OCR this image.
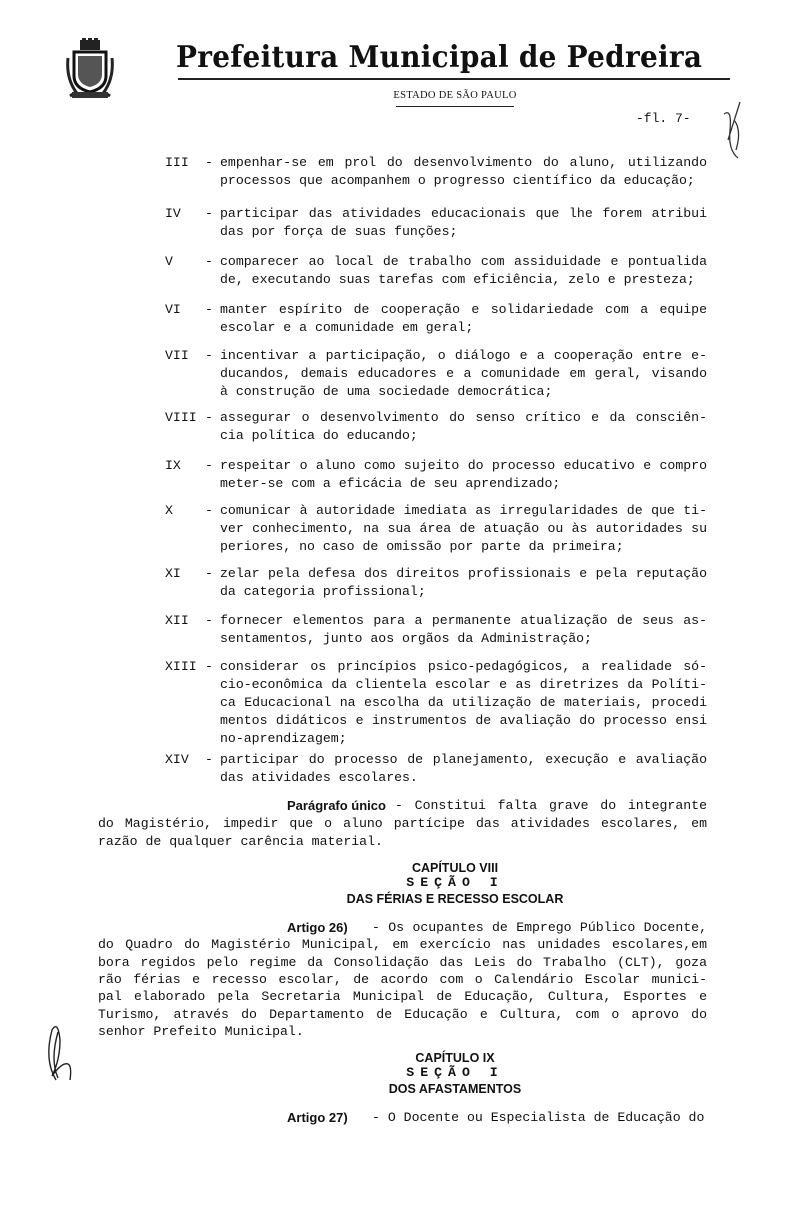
Prefeitura Municipal de Pedreira
ESTADO DE SÃO PAULO
-fl. 7-
III - empenhar-se em prol do desenvolvimento do aluno, utilizando
processos que acompanhem o progresso científico da educação;
IV - participar das atividades educacionais que lhe forem atribui
das por força de suas funções;
V - comparecer ao local de trabalho com assiduidade e pontualida
de, executando suas tarefas com eficiência, zelo e presteza;
VI - manter espírito de cooperação e solidariedade com a equipe
escolar e a comunidade em geral;
VII - incentivar a participação, o diálogo e a cooperação entre e-
ducandos, demais educadores e a comunidade em geral, visando
à construção de uma sociedade democrática;
VIII - assegurar o desenvolvimento do senso crítico e da consciên-
cia política do educando;
IX - respeitar o aluno como sujeito do processo educativo e compro
meter-se com a eficácia de seu aprendizado;
X - comunicar à autoridade imediata as irregularidades de que ti-
ver conhecimento, na sua área de atuação ou às autoridades su
periores, no caso de omissão por parte da primeira;
XI - zelar pela defesa dos direitos profissionais e pela reputação
da categoria profissional;
XII - fornecer elementos para a permanente atualização de seus as-
sentamentos, junto aos orgãos da Administração;
XIII - considerar os princípios psico-pedagógicos, a realidade só-
cio-econômica da clientela escolar e as diretrizes da Políti-
ca Educacional na escolha da utilização de materiais, procedi
mentos didáticos e instrumentos de avaliação do processo ensi
no-aprendizagem;
XIV - participar do processo de planejamento, execução e avaliação
das atividades escolares.
Parágrafo único - Constitui falta grave do integrante
do Magistério, impedir que o aluno partícipe das atividades escolares, em
razão de qualquer carência material.
CAPÍTULO VIII
SEÇÃO I
DAS FÉRIAS E RECESSO ESCOLAR
Artigo 26) - Os ocupantes de Emprego Público Docente,
do Quadro do Magistério Municipal, em exercício nas unidades escolares,em
bora regidos pelo regime da Consolidação das Leis do Trabalho (CLT), goza
rão férias e recesso escolar, de acordo com o Calendário Escolar munici-
pal elaborado pela Secretaria Municipal de Educação, Cultura, Esportes e
Turismo, através do Departamento de Educação e Cultura, com o aprovo do
senhor Prefeito Municipal.
CAPÍTULO IX
SEÇÃO I
DOS AFASTAMENTOS
Artigo 27) - O Docente ou Especialista de Educação do
